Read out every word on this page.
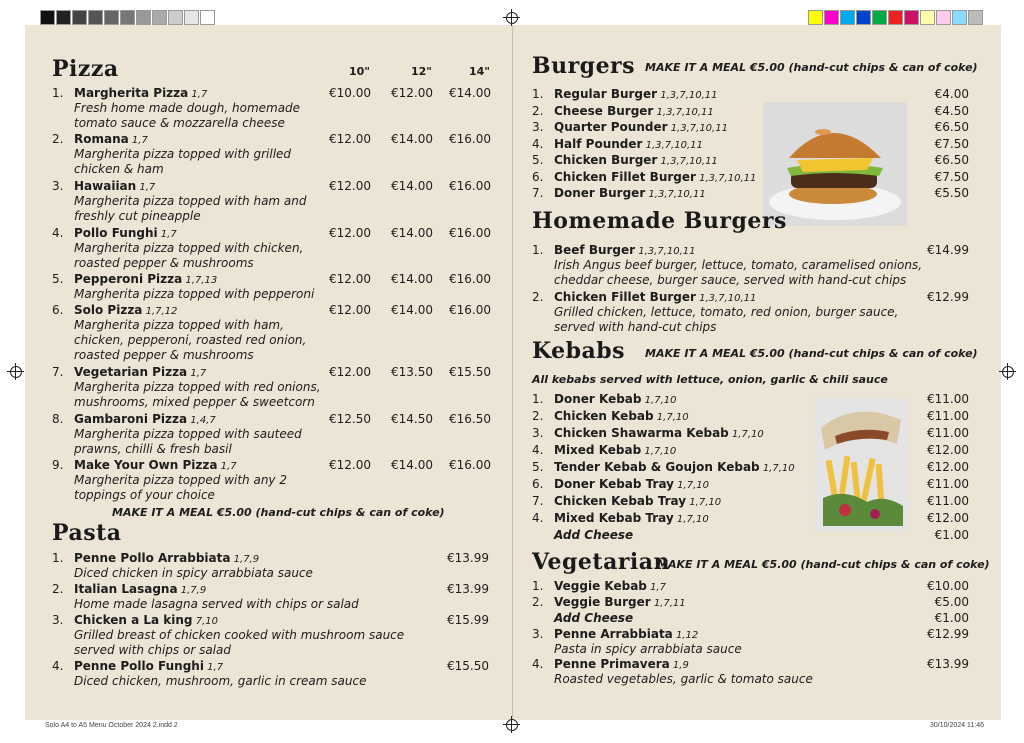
Solo A4 to A5 Menu October 2024 2.indd 2	30/10/2024 11:46
Pizza	10"	12"	14"
1. Margherita Pizza 1,7
Fresh home made dough, homemade tomato sauce & mozzarella cheese
€10.00	€12.00	€14.00
2. Romana 1,7
Margherita pizza topped with grilled chicken & ham
€12.00	€14.00	€16.00
3. Hawaiian 1,7
Margherita pizza topped with ham and freshly cut pineapple
€12.00	€14.00	€16.00
4. Pollo Funghi 1,7
Margherita pizza topped with chicken, roasted pepper & mushrooms
€12.00	€14.00	€16.00
5. Pepperoni Pizza 1,7,13
Margherita pizza topped with pepperoni
€12.00	€14.00	€16.00
6. Solo Pizza 1,7,12
Margherita pizza topped with ham, chicken, pepperoni, roasted red onion, roasted pepper & mushrooms
€12.00	€14.00	€16.00
7. Vegetarian Pizza 1,7
Margherita pizza topped with red onions, mushrooms, mixed pepper & sweetcorn
€12.00	€13.50	€15.50
8. Gambaroni Pizza 1,4,7
Margherita pizza topped with sauteed prawns, chilli & fresh basil
€12.50	€14.50	€16.50
9. Make Your Own Pizza 1,7
Margherita pizza topped with any 2 toppings of your choice
€12.00	€14.00	€16.00
MAKE IT A MEAL €5.00 (hand-cut chips & can of coke)
Pasta
1. Penne Pollo Arrabbiata 1,7,9
Diced chicken in spicy arrabbiata sauce
€13.99
2. Italian Lasagna 1,7,9
Home made lasagna served with chips or salad
€13.99
3. Chicken a La king 7,10
Grilled breast of chicken cooked with mushroom sauce served with chips or salad
€15.99
4. Penne Pollo Funghi 1,7
Diced chicken, mushroom, garlic in cream sauce
€15.50
Burgers MAKE IT A MEAL €5.00 (hand-cut chips & can of coke)
1. Regular Burger 1,3,7,10,11	€4.00
2. Cheese Burger 1,3,7,10,11	€4.50
3. Quarter Pounder 1,3,7,10,11	€6.50
4. Half Pounder 1,3,7,10,11	€7.50
5. Chicken Burger 1,3,7,10,11	€6.50
6. Chicken Fillet Burger 1,3,7,10,11	€7.50
7. Doner Burger 1,3,7,10,11	€5.50
Homemade Burgers
1. Beef Burger 1,3,7,10,11
Irish Angus beef burger, lettuce, tomato, caramelised onions, cheddar cheese, burger sauce, served with hand-cut chips
€14.99
2. Chicken Fillet Burger 1,3,7,10,11
Grilled chicken, lettuce, tomato, red onion, burger sauce, served with hand-cut chips
€12.99
Kebabs MAKE IT A MEAL €5.00 (hand-cut chips & can of coke)
All kebabs served with lettuce, onion, garlic & chili sauce
1. Doner Kebab 1,7,10	€11.00
2. Chicken Kebab 1,7,10	€11.00
3. Chicken Shawarma Kebab 1,7,10	€11.00
4. Mixed Kebab 1,7,10	€12.00
5. Tender Kebab & Goujon Kebab 1,7,10	€12.00
6. Doner Kebab Tray 1,7,10	€11.00
7. Chicken Kebab Tray 1,7,10	€11.00
4. Mixed Kebab Tray 1,7,10	€12.00
Add Cheese	€1.00
Vegetarian
MAKE IT A MEAL €5.00 (hand-cut chips & can of coke)
1. Veggie Kebab 1,7	€10.00
2. Veggie Burger 1,7,11	€5.00
Add Cheese	€1.00
3. Penne Arrabbiata 1,12
Pasta in spicy arrabbiata sauce
€12.99
4. Penne Primavera 1,9
Roasted vegetables, garlic & tomato sauce
€13.99
